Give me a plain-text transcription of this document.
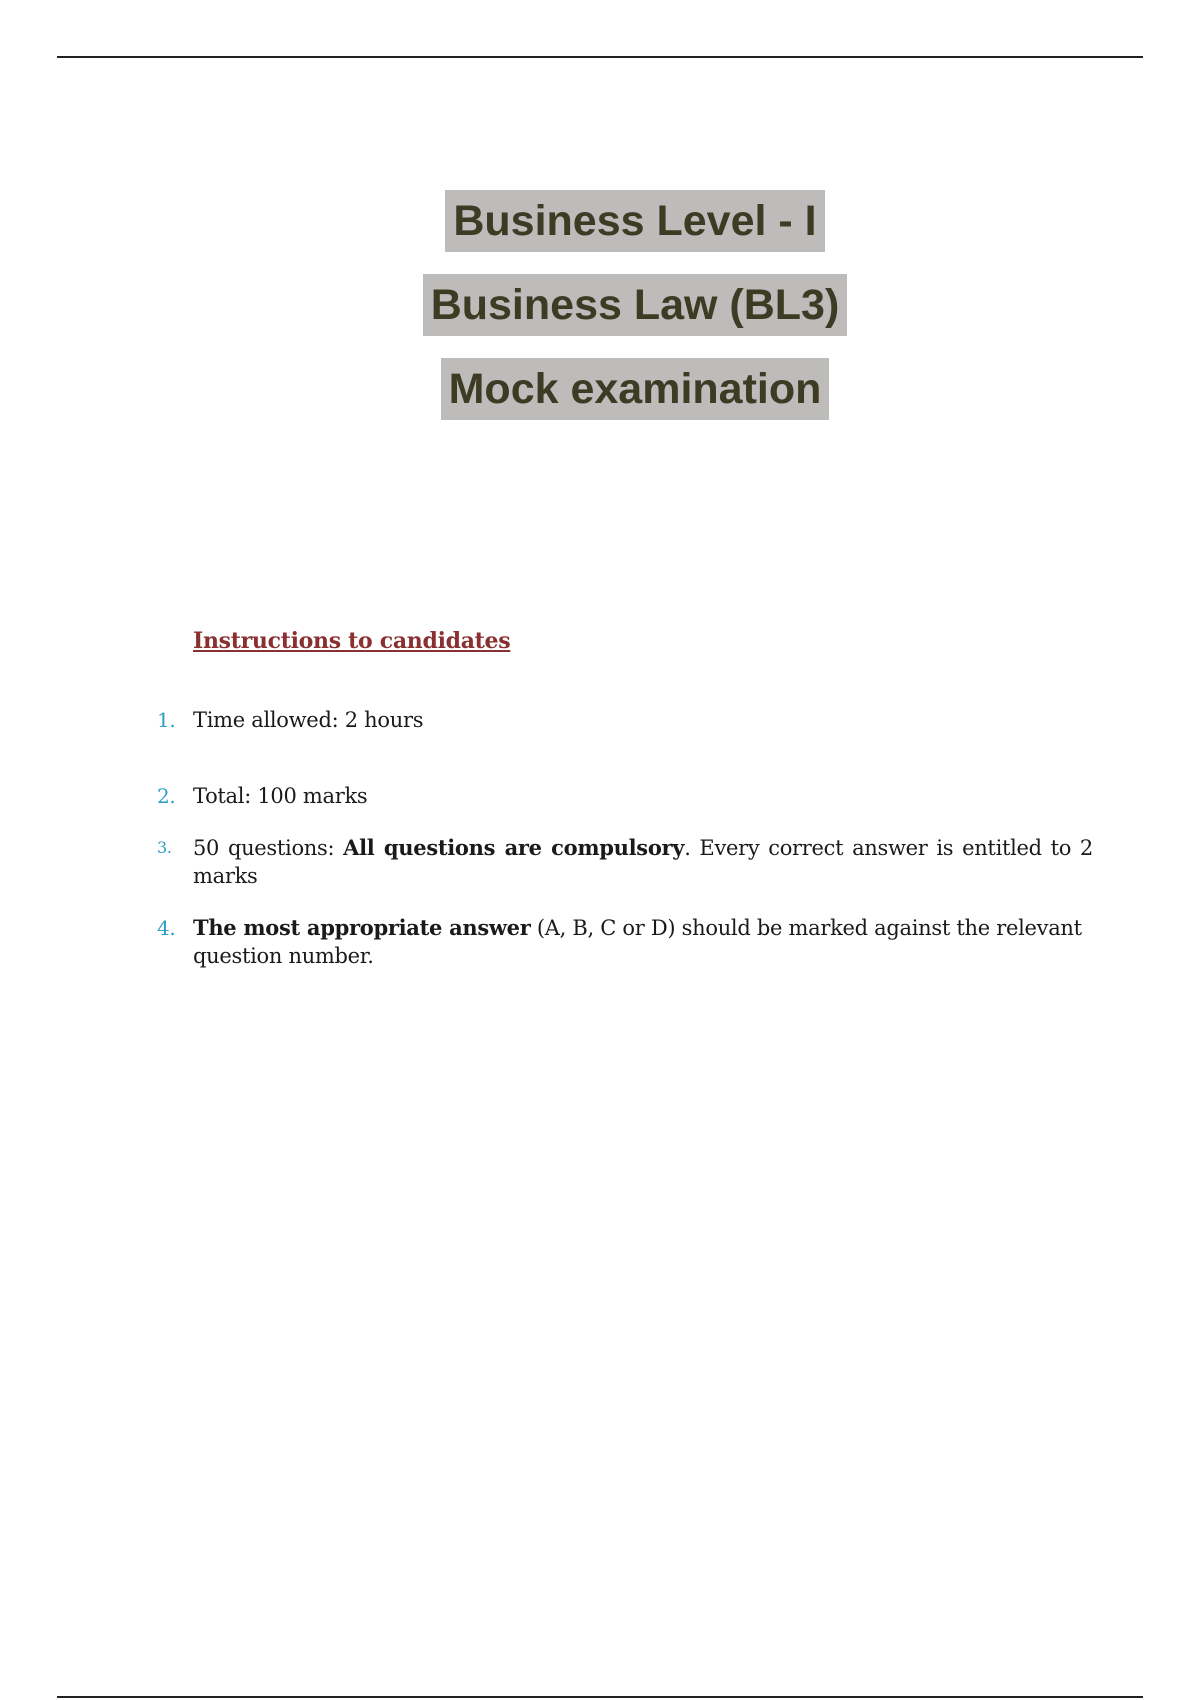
Business Level - I
Business Law (BL3)
Mock examination
Instructions to candidates
1. Time allowed: 2 hours
2. Total: 100 marks
3. 50 questions: All questions are compulsory. Every correct answer is entitled to 2 marks
4. The most appropriate answer (A, B, C or D) should be marked against the relevant question number.
